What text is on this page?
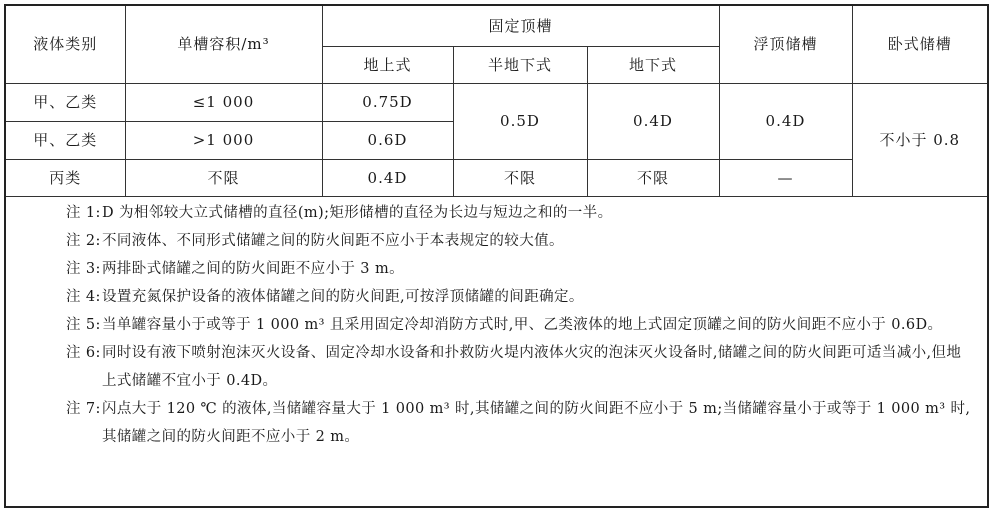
液体类别	单槽容积/m³	固定顶槽			浮顶储槽	卧式储槽
		地上式	半地下式	地下式		
甲、乙类	≤1 000	0.75D	0.5D	0.4D	0.4D	不小于 0.8
甲、乙类	>1 000	0.6D				
丙类	不限	0.4D	不限	不限	—	
注 1: D 为相邻较大立式储槽的直径(m);矩形储槽的直径为长边与短边之和的一半。
注 2: 不同液体、不同形式储罐之间的防火间距不应小于本表规定的较大值。
注 3: 两排卧式储罐之间的防火间距不应小于 3 m。
注 4: 设置充氮保护设备的液体储罐之间的防火间距,可按浮顶储罐的间距确定。
注 5: 当单罐容量小于或等于 1 000 m³ 且采用固定冷却消防方式时,甲、乙类液体的地上式固定顶罐之间的防火间距不应小于 0.6D。
注 6: 同时设有液下喷射泡沫灭火设备、固定冷却水设备和扑救防火堤内液体火灾的泡沫灭火设备时,储罐之间的防火间距可适当减小,但地上式储罐不宜小于 0.4D。
注 7: 闪点大于 120 ℃ 的液体,当储罐容量大于 1 000 m³ 时,其储罐之间的防火间距不应小于 5 m;当储罐容量小于或等于 1 000 m³ 时,其储罐之间的防火间距不应小于 2 m。
